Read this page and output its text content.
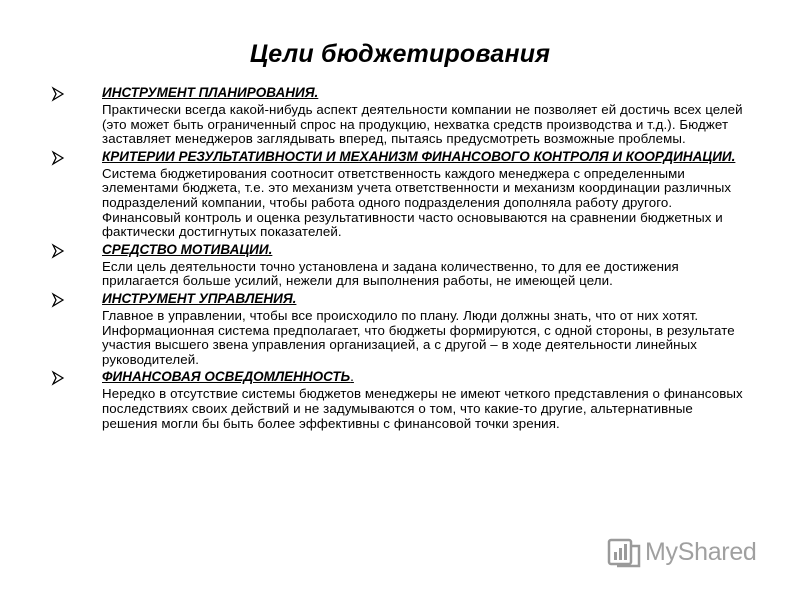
Цели бюджетирования
ИНСТРУМЕНТ ПЛАНИРОВАНИЯ.
Практически всегда какой-нибудь аспект деятельности компании не позволяет ей достичь всех целей (это может быть ограниченный спрос на продукцию, нехватка средств производства и т.д.). Бюджет заставляет менеджеров заглядывать вперед, пытаясь предусмотреть возможные проблемы.
КРИТЕРИИ РЕЗУЛЬТАТИВНОСТИ И МЕХАНИЗМ ФИНАНСОВОГО КОНТРОЛЯ И КООРДИНАЦИИ.
Система бюджетирования соотносит ответственность каждого менеджера с определенными элементами бюджета, т.е. это механизм учета ответственности и механизм координации различных подразделений компании, чтобы работа одного подразделения дополняла работу другого. Финансовый контроль и оценка результативности часто основываются на сравнении бюджетных и фактически достигнутых показателей.
СРЕДСТВО МОТИВАЦИИ.
Если цель деятельности точно установлена и задана количественно, то для ее достижения прилагается больше усилий, нежели для выполнения работы, не имеющей цели.
ИНСТРУМЕНТ УПРАВЛЕНИЯ.
Главное в управлении, чтобы все происходило по плану. Люди должны знать, что от них хотят. Информационная система предполагает, что бюджеты формируются, с одной стороны, в результате участия высшего звена управления организацией, а с другой – в ходе деятельности линейных руководителей.
ФИНАНСОВАЯ ОСВЕДОМЛЕННОСТЬ.
Нередко в отсутствие системы бюджетов менеджеры не имеют четкого представления о финансовых последствиях своих действий и не задумываются о том, что какие-то другие, альтернативные решения могли бы быть более эффективны с финансовой точки зрения.
MyShared
